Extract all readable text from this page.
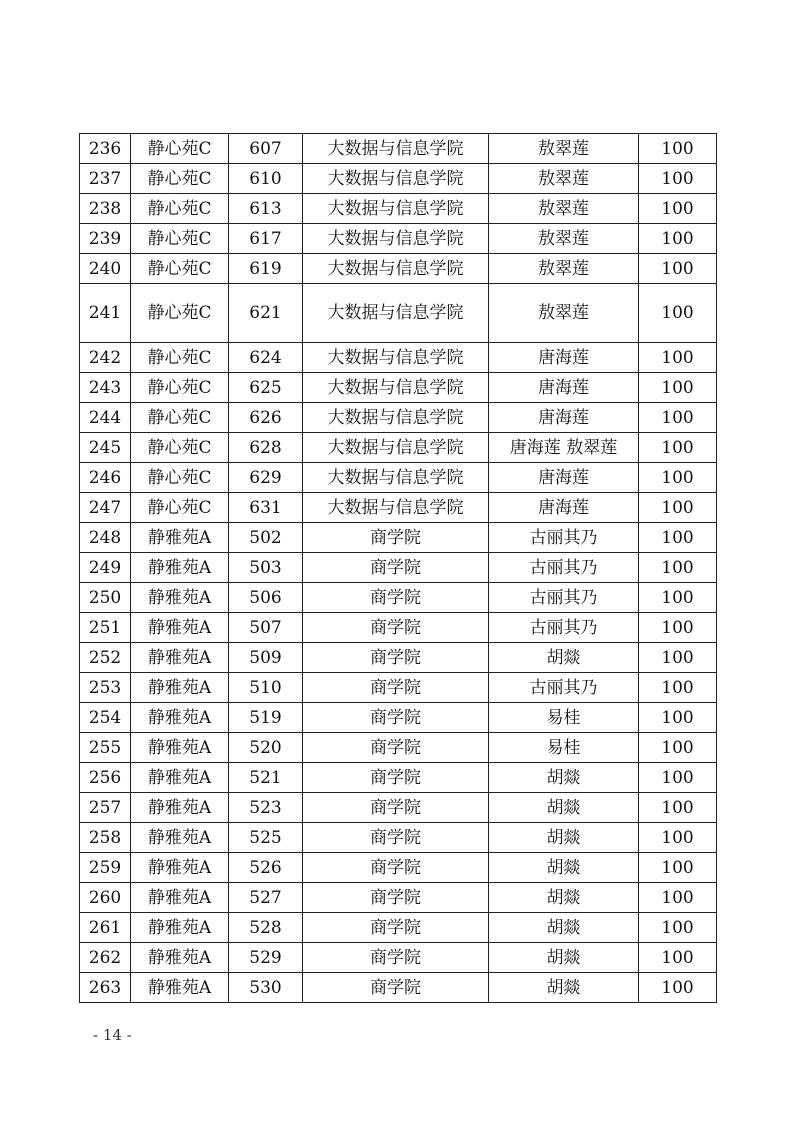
236	静心苑C	607	大数据与信息学院	敖翠莲	100
237	静心苑C	610	大数据与信息学院	敖翠莲	100
238	静心苑C	613	大数据与信息学院	敖翠莲	100
239	静心苑C	617	大数据与信息学院	敖翠莲	100
240	静心苑C	619	大数据与信息学院	敖翠莲	100
241	静心苑C	621	大数据与信息学院	敖翠莲	100
242	静心苑C	624	大数据与信息学院	唐海莲	100
243	静心苑C	625	大数据与信息学院	唐海莲	100
244	静心苑C	626	大数据与信息学院	唐海莲	100
245	静心苑C	628	大数据与信息学院	唐海莲 敖翠莲	100
246	静心苑C	629	大数据与信息学院	唐海莲	100
247	静心苑C	631	大数据与信息学院	唐海莲	100
248	静雅苑A	502	商学院	古丽其乃	100
249	静雅苑A	503	商学院	古丽其乃	100
250	静雅苑A	506	商学院	古丽其乃	100
251	静雅苑A	507	商学院	古丽其乃	100
252	静雅苑A	509	商学院	胡燚	100
253	静雅苑A	510	商学院	古丽其乃	100
254	静雅苑A	519	商学院	易桂	100
255	静雅苑A	520	商学院	易桂	100
256	静雅苑A	521	商学院	胡燚	100
257	静雅苑A	523	商学院	胡燚	100
258	静雅苑A	525	商学院	胡燚	100
259	静雅苑A	526	商学院	胡燚	100
260	静雅苑A	527	商学院	胡燚	100
261	静雅苑A	528	商学院	胡燚	100
262	静雅苑A	529	商学院	胡燚	100
263	静雅苑A	530	商学院	胡燚	100
- 14 -
